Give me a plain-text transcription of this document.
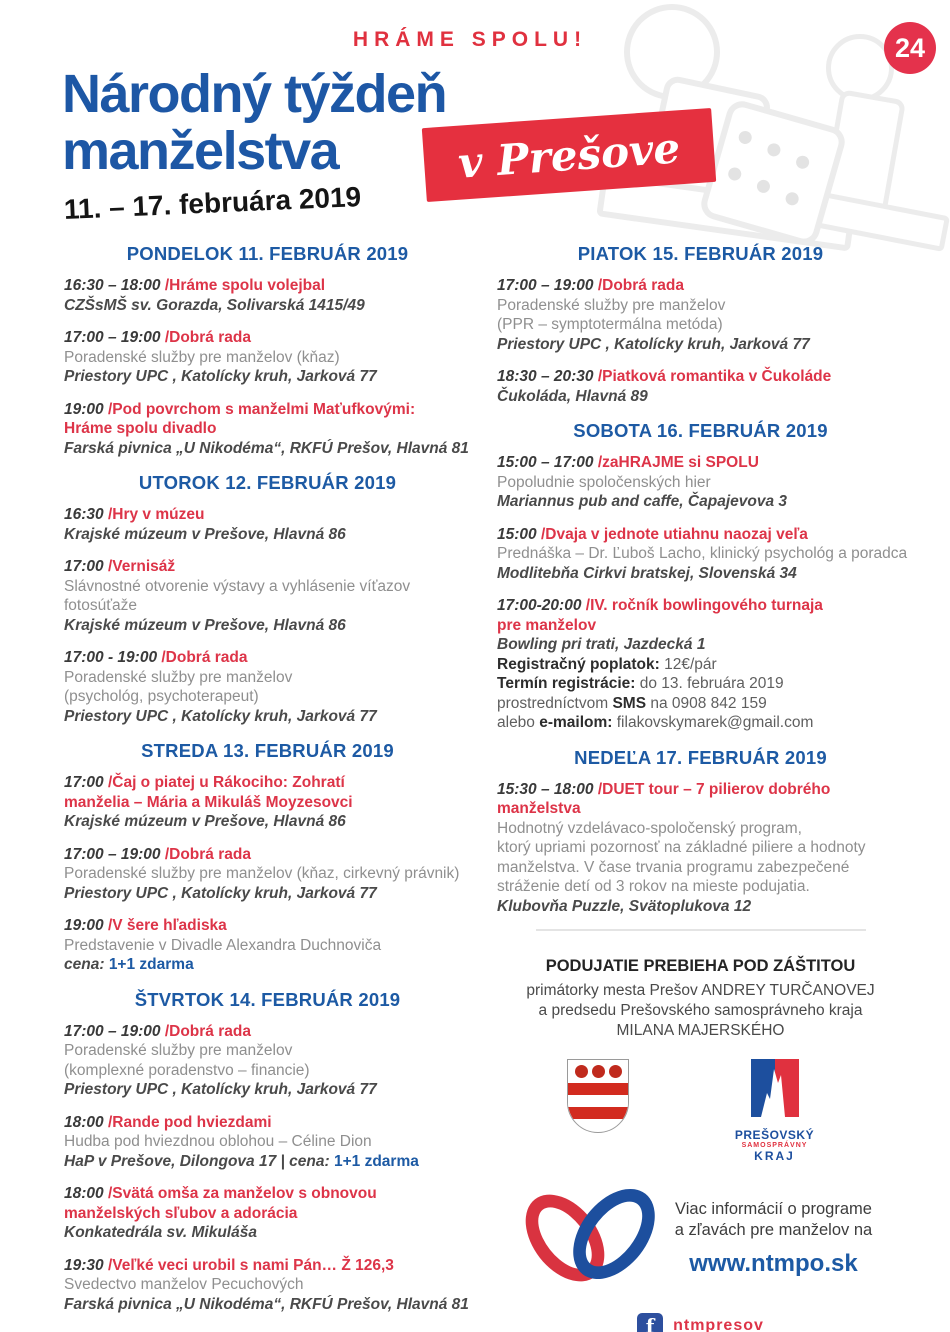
24
HRÁME SPOLU!
Národný týždeň
manželstva	v Prešove
11. – 17. februára 2019
PONDELOK 11. FEBRUÁR 2019
16:30 – 18:00 /Hráme spolu volejbal
CZŠsMŠ sv. Gorazda, Solivarská 1415/49
17:00 – 19:00 /Dobrá rada
Poradenské služby pre manželov (kňaz)
Priestory UPC , Katolícky kruh, Jarková 77
19:00 /Pod povrchom s manželmi Maťufkovými:
Hráme spolu divadlo
Farská pivnica „U Nikodéma“, RKFÚ Prešov, Hlavná 81
UTOROK 12. FEBRUÁR 2019
16:30 /Hry v múzeu
Krajské múzeum v Prešove, Hlavná 86
17:00 /Vernisáž
Slávnostné otvorenie výstavy a vyhlásenie víťazov
fotosúťaže
Krajské múzeum v Prešove, Hlavná 86
17:00 - 19:00 /Dobrá rada
Poradenské služby pre manželov
(psychológ, psychoterapeut)
Priestory UPC , Katolícky kruh, Jarková 77
STREDA 13. FEBRUÁR 2019
17:00 /Čaj o piatej u Rákociho: Zohratí
manželia – Mária a Mikuláš Moyzesovci
Krajské múzeum v Prešove, Hlavná 86
17:00 – 19:00 /Dobrá rada
Poradenské služby pre manželov (kňaz, cirkevný právnik)
Priestory UPC , Katolícky kruh, Jarková 77
19:00 /V šere hľadiska
Predstavenie v Divadle Alexandra Duchnoviča
cena: 1+1 zdarma
ŠTVRTOK 14. FEBRUÁR 2019
17:00 – 19:00 /Dobrá rada
Poradenské služby pre manželov
(komplexné poradenstvo – financie)
Priestory UPC , Katolícky kruh, Jarková 77
18:00 /Rande pod hviezdami
Hudba pod hviezdnou oblohou – Céline Dion
HaP v Prešove, Dilongova 17 | cena: 1+1 zdarma
18:00 /Svätá omša za manželov s obnovou
manželských sľubov a adorácia
Konkatedrála sv. Mikuláša
19:30 /Veľké veci urobil s nami Pán… Ž 126,3
Svedectvo manželov Pecuchových
Farská pivnica „U Nikodéma“, RKFÚ Prešov, Hlavná 81
PIATOK 15. FEBRUÁR 2019
17:00 – 19:00 /Dobrá rada
Poradenské služby pre manželov
(PPR – symptotermálna metóda)
Priestory UPC , Katolícky kruh, Jarková 77
18:30 – 20:30 /Piatková romantika v Čukoláde
Čukoláda, Hlavná 89
SOBOTA 16. FEBRUÁR 2019
15:00 – 17:00 /zaHRAJME si SPOLU
Popoludnie spoločenských hier
Mariannus pub and caffe, Čapajevova 3
15:00 /Dvaja v jednote utiahnu naozaj veľa
Prednáška – Dr. Ľuboš Lacho, klinický psychológ a poradca
Modlitebňa Cirkvi bratskej, Slovenská 34
17:00-20:00 /IV. ročník bowlingového turnaja
pre manželov
Bowling pri trati, Jazdecká 1
Registračný poplatok: 12€/pár
Termín registrácie: do 13. februára 2019
prostredníctvom SMS na 0908 842 159
alebo e-mailom: filakovskymarek@gmail.com
NEDEĽA 17. FEBRUÁR 2019
15:30 – 18:00 /DUET tour – 7 pilierov dobrého
manželstva
Hodnotný vzdelávaco-spoločenský program,
ktorý upriami pozornosť na základné piliere a hodnoty
manželstva. V čase trvania programu zabezpečené
stráženie detí od 3 rokov na mieste podujatia.
Klubovňa Puzzle, Svätoplukova 12
PODUJATIE PREBIEHA POD ZÁŠTITOU
primátorky mesta Prešov ANDREY TURČANOVEJ
a predsedu Prešovského samosprávneho kraja
MILANA MAJERSKÉHO
PREŠOVSKÝ
SAMOSPRÁVNY
KRAJ
Viac informácií o programe
a zľavách pre manželov na
www.ntmpo.sk
f	ntmpresov
